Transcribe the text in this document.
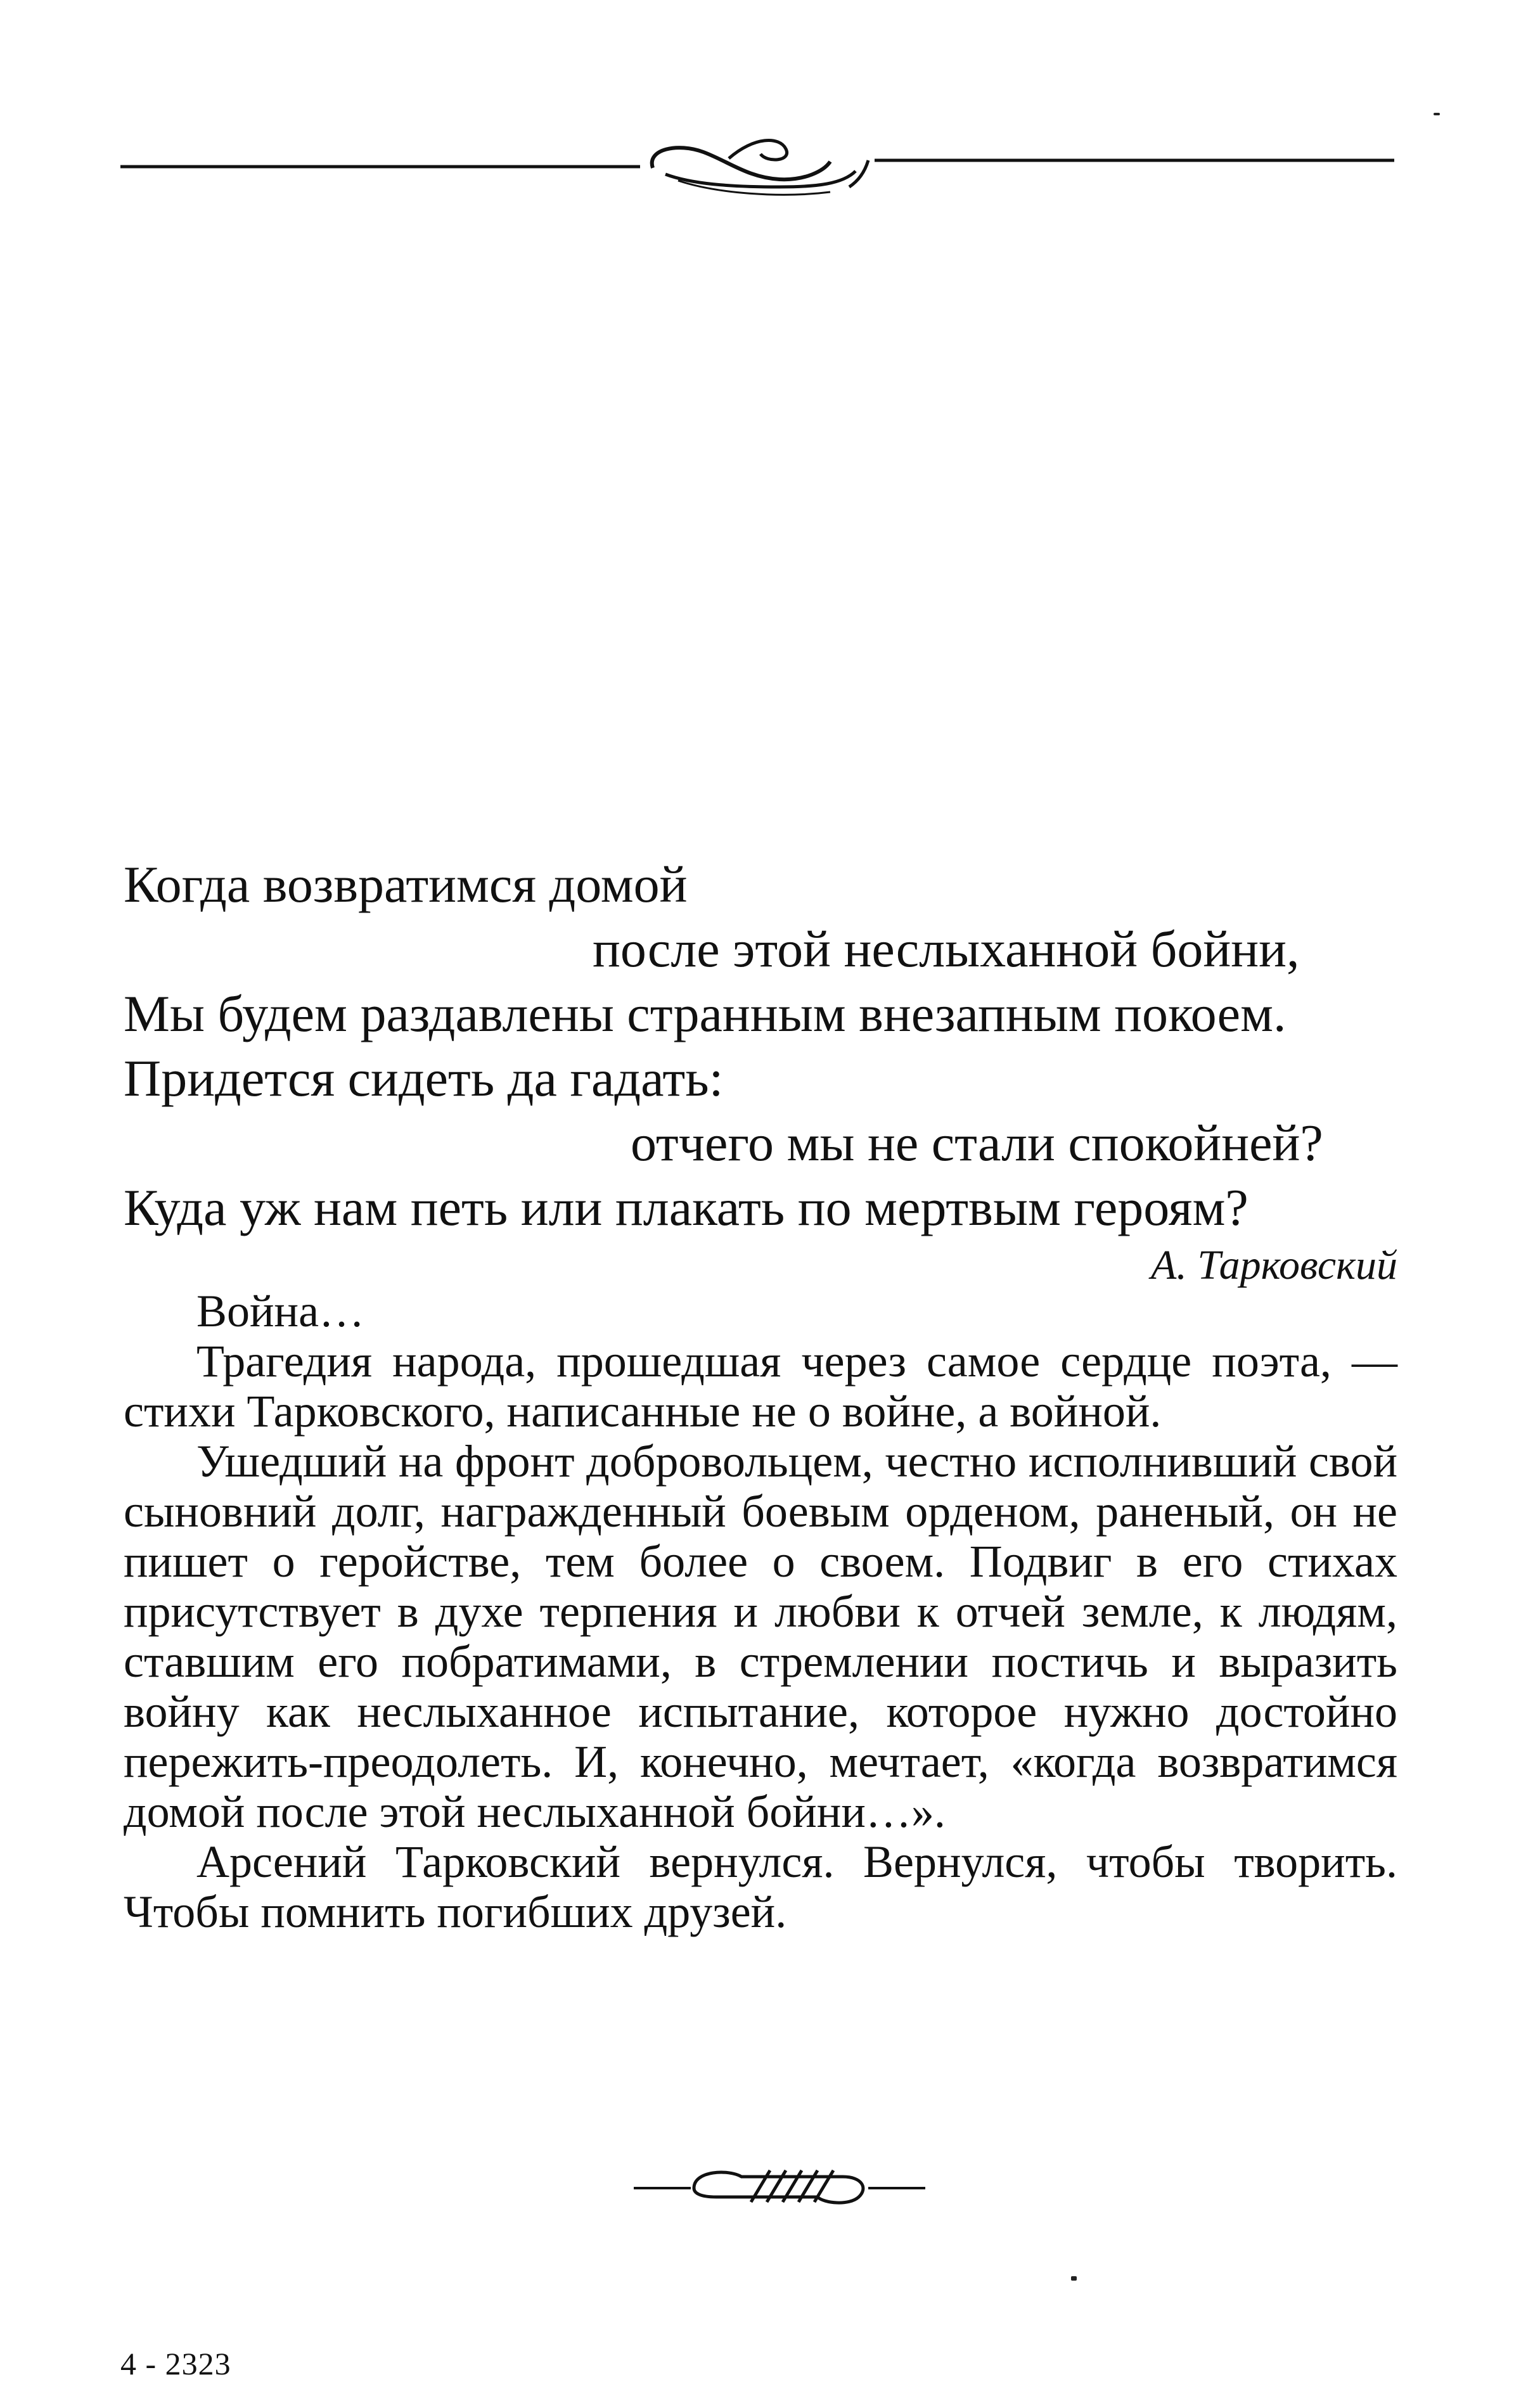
Когда возвратимся домой
после этой неслыханной бойни,
Мы будем раздавлены странным внезапным покоем.
Придется сидеть да гадать:
отчего мы не стали спокойней?
Куда уж нам петь или плакать по мертвым героям?
А. Тарковский

Война…

Трагедия народа, прошедшая через самое сердце поэта, — стихи Тарковского, написанные не о войне, а войной.

Ушедший на фронт добровольцем, честно исполнивший свой сыновний долг, награжденный боевым орденом, раненый, он не пишет о геройстве, тем более о своем. Подвиг в его стихах присутствует в духе терпения и любви к отчей земле, к людям, ставшим его побратимами, в стремлении постичь и выразить войну как неслыханное испытание, которое нужно достойно пережить-преодолеть. И, конечно, мечтает, «когда возвратимся домой после этой неслыханной бойни…».

Арсений Тарковский вернулся. Вернулся, чтобы творить. Чтобы помнить погибших друзей.

4 - 2323
